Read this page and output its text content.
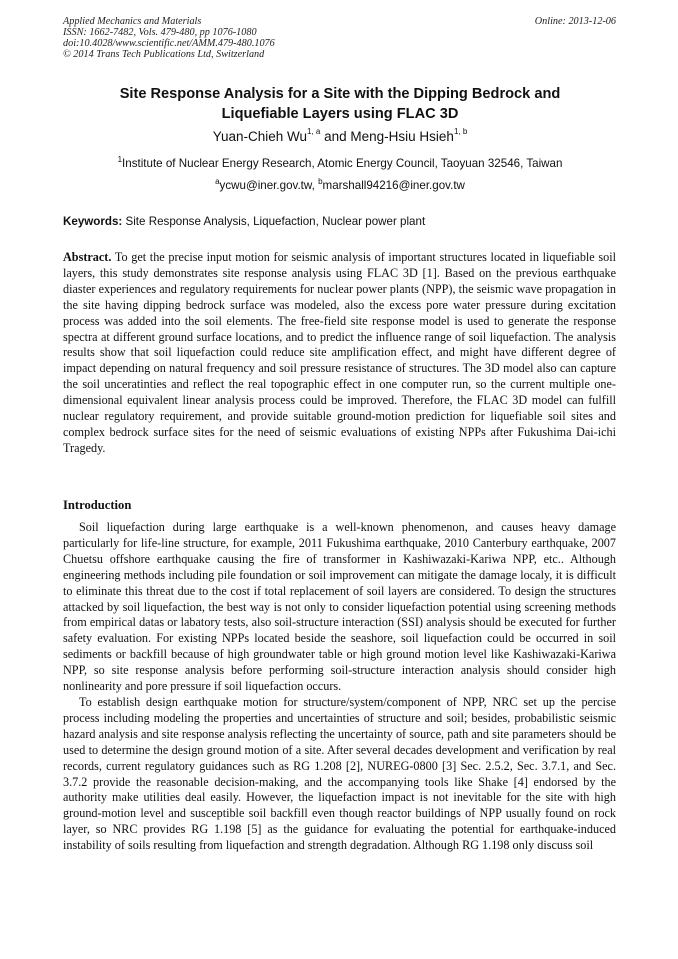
Applied Mechanics and Materials	Online: 2013-12-06
ISSN: 1662-7482, Vols. 479-480, pp 1076-1080
doi:10.4028/www.scientific.net/AMM.479-480.1076
© 2014 Trans Tech Publications Ltd, Switzerland
Site Response Analysis for a Site with the Dipping Bedrock and
Liquefiable Layers using FLAC 3D
Yuan-Chieh Wu$^{1, a}$ and Meng-Hsiu Hsieh$^{1, b}$
$^1$Institute of Nuclear Energy Research, Atomic Energy Council, Taoyuan 32546, Taiwan
$^a$ycwu@iner.gov.tw, $^b$marshall94216@iner.gov.tw
Keywords: Site Response Analysis, Liquefaction, Nuclear power plant

Abstract. To get the precise input motion for seismic analysis of important structures located in liquefiable soil layers, this study demonstrates site response analysis using FLAC 3D [1]. Based on the previous earthquake diaster experiences and regulatory requirements for nuclear power plants (NPP), the seismic wave propagation in the site having dipping bedrock surface was modeled, also the excess pore water pressure during excitation process was added into the soil elements. The free-field site response model is used to generate the response spectra at different ground surface locations, and to predict the influence range of soil liquefaction. The analysis results show that soil liquefaction could reduce site amplification effect, and might have different degree of impact depending on natural frequency and soil pressure resistance of structures. The 3D model also can capture the soil unceratinties and reflect the real topographic effect in one computer run, so the current multiple one-dimensional equivalent linear analysis process could be improved. Therefore, the FLAC 3D model can fulfill nuclear regulatory requirement, and provide suitable ground-motion prediction for liquefiable soil sites and complex bedrock surface sites for the need of seismic evaluations of existing NPPs after Fukushima Dai-ichi Tragedy.

Introduction

Soil liquefaction during large earthquake is a well-known phenomenon, and causes heavy damage particularly for life-line structure, for example, 2011 Fukushima earthquake, 2010 Canterbury earthquake, 2007 Chuetsu offshore earthquake causing the fire of transformer in Kashiwazaki-Kariwa NPP, etc.. Although engineering methods including pile foundation or soil improvement can mitigate the damage localy, it is difficult to eliminate this threat due to the cost if total replacement of soil layers are considered. To design the structures attacked by soil liquefaction, the best way is not only to consider liquefaction potential using screening methods from empirical datas or labatory tests, also soil-structure interaction (SSI) analysis should be executed for further safety evaluation. For existing NPPs located beside the seashore, soil liquefaction could be occurred in soil sediments or backfill because of high groundwater table or high ground motion level like Kashiwazaki-Kariwa NPP, so site response analysis before performing soil-structure interaction analysis should consider high nonlinearity and pore pressure if soil liquefaction occurs.

To establish design earthquake motion for structure/system/component of NPP, NRC set up the percise process including modeling the properties and uncertainties of structure and soil; besides, probabilistic seismic hazard analysis and site response analysis reflecting the uncertainty of source, path and site parameters should be used to determine the design ground motion of a site. After several decades development and verification by real records, current regulatory guidances such as RG 1.208 [2], NUREG-0800 [3] Sec. 2.5.2, Sec. 3.7.1, and Sec. 3.7.2 provide the reasonable decision-making, and the accompanying tools like Shake [4] endorsed by the authority make utilities deal easily. However, the liquefaction impact is not inevitable for the site with high ground-motion level and susceptible soil backfill even though reactor buildings of NPP usually found on rock layer, so NRC provides RG 1.198 [5] as the guidance for evaluating the potential for earthquake-induced instability of soils resulting from liquefaction and strength degradation. Although RG 1.198 only discuss soil
